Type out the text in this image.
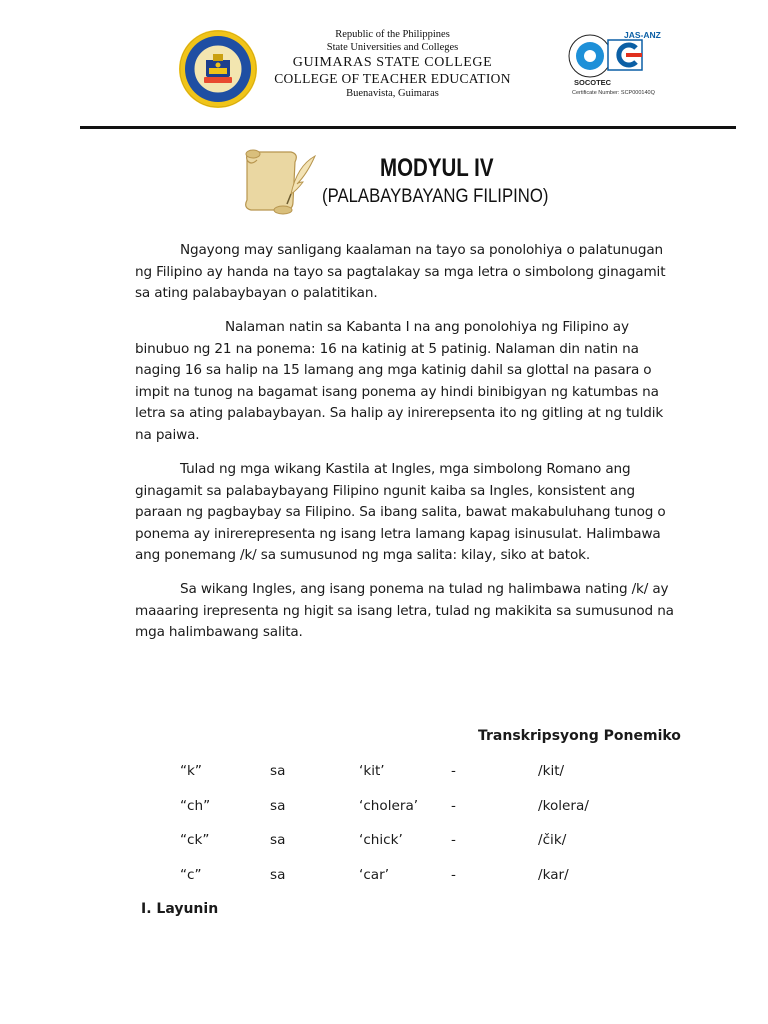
Republic of the Philippines
State Universities and Colleges
GUIMARAS STATE COLLEGE
COLLEGE OF TEACHER EDUCATION
Buenavista, Guimaras
JAS-ANZ
SOCOTEC
Certificate Number: SCP000140Q
MODYUL IV
(PALABAYBAYANG FILIPINO)
Ngayong may sanligang kaalaman na tayo sa ponolohiya o palatunugan
ng Filipino ay handa na tayo sa pagtalakay sa mga letra o simbolong ginagamit
sa ating palabaybayan o palatitikan.
Nalaman natin sa Kabanta I na ang ponolohiya ng Filipino ay
binubuo ng 21 na ponema: 16 na katinig at 5 patinig. Nalaman din natin na
naging 16 sa halip na 15 lamang ang mga katinig dahil sa glottal na pasara o
impit na tunog na bagamat isang ponema ay hindi binibigyan ng katumbas na
letra sa ating palabaybayan. Sa halip ay inirerepsenta ito ng gitling at ng tuldik
na paiwa.
Tulad ng mga wikang Kastila at Ingles, mga simbolong Romano ang
ginagamit sa palabaybayang Filipino ngunit kaiba sa Ingles, konsistent ang
paraan ng pagbaybay sa Filipino. Sa ibang salita, bawat makabuluhang tunog o
ponema ay inirerepresenta ng isang letra lamang kapag isinusulat. Halimbawa
ang ponemang /k/ sa sumusunod ng mga salita: kilay, siko at batok.
Sa wikang Ingles, ang isang ponema na tulad ng halimbawa nating /k/ ay
maaaring irepresenta ng higit sa isang letra, tulad ng makikita sa sumusunod na
mga halimbawang salita.
Transkripsyong Ponemiko
“k”	sa	‘kit’	-	/kit/
“ch”	sa	‘cholera’ -	/kolera/
“ck”	sa	‘chick’	-	/čik/
“c”	sa	‘car’	-	/kar/
I. Layunin
